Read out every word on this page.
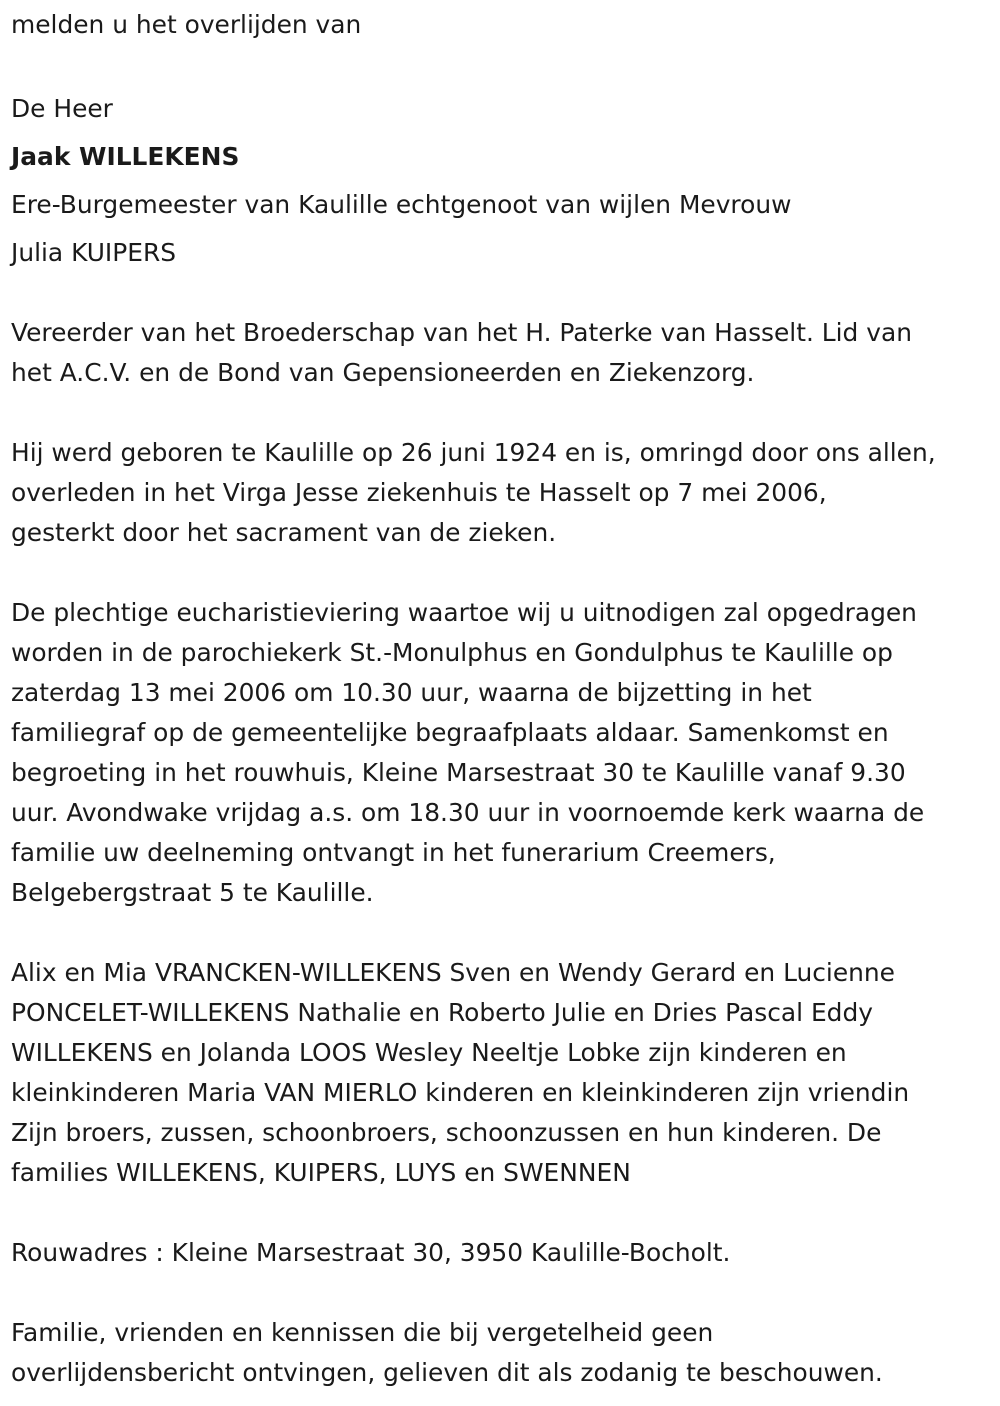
melden u het overlijden van

De Heer

Jaak WILLEKENS

Ere-Burgemeester van Kaulille echtgenoot van wijlen Mevrouw

Julia KUIPERS

Vereerder van het Broederschap van het H. Paterke van Hasselt. Lid van

het A.C.V. en de Bond van Gepensioneerden en Ziekenzorg.

Hij werd geboren te Kaulille op 26 juni 1924 en is, omringd door ons allen,

overleden in het Virga Jesse ziekenhuis te Hasselt op 7 mei 2006,

gesterkt door het sacrament van de zieken.

De plechtige eucharistieviering waartoe wij u uitnodigen zal opgedragen

worden in de parochiekerk St.-Monulphus en Gondulphus te Kaulille op

zaterdag 13 mei 2006 om 10.30 uur, waarna de bijzetting in het

familiegraf op de gemeentelijke begraafplaats aldaar. Samenkomst en

begroeting in het rouwhuis, Kleine Marsestraat 30 te Kaulille vanaf 9.30

uur. Avondwake vrijdag a.s. om 18.30 uur in voornoemde kerk waarna de

familie uw deelneming ontvangt in het funerarium Creemers,

Belgebergstraat 5 te Kaulille.

Alix en Mia VRANCKEN-WILLEKENS Sven en Wendy Gerard en Lucienne

PONCELET-WILLEKENS Nathalie en Roberto Julie en Dries Pascal Eddy

WILLEKENS en Jolanda LOOS Wesley Neeltje Lobke zijn kinderen en

kleinkinderen Maria VAN MIERLO kinderen en kleinkinderen zijn vriendin

Zijn broers, zussen, schoonbroers, schoonzussen en hun kinderen. De

families WILLEKENS, KUIPERS, LUYS en SWENNEN

Rouwadres : Kleine Marsestraat 30, 3950 Kaulille-Bocholt.

Familie, vrienden en kennissen die bij vergetelheid geen

overlijdensbericht ontvingen, gelieven dit als zodanig te beschouwen.
